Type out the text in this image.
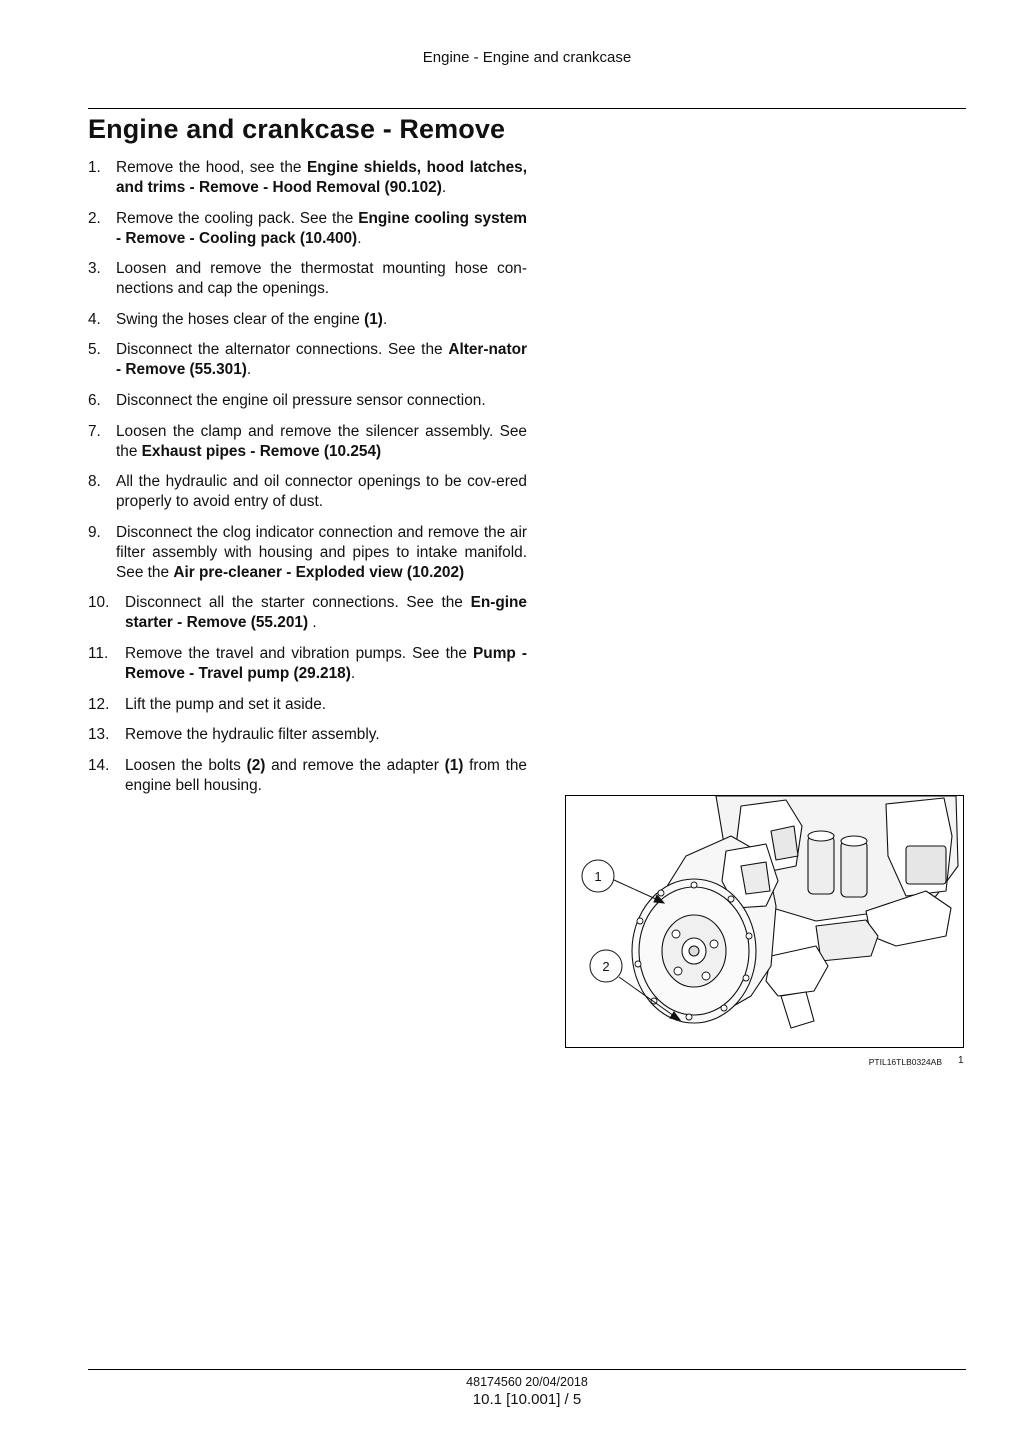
Engine - Engine and crankcase
Engine and crankcase - Remove
1. Remove the hood, see the Engine shields, hood latches, and trims - Remove - Hood Removal (90.102).
2. Remove the cooling pack. See the Engine cooling system - Remove - Cooling pack (10.400).
3. Loosen and remove the thermostat mounting hose con-nections and cap the openings.
4. Swing the hoses clear of the engine (1).
5. Disconnect the alternator connections. See the Alter-nator - Remove (55.301).
6. Disconnect the engine oil pressure sensor connection.
7. Loosen the clamp and remove the silencer assembly. See the Exhaust pipes - Remove (10.254)
8. All the hydraulic and oil connector openings to be cov-ered properly to avoid entry of dust.
9. Disconnect the clog indicator connection and remove the air filter assembly with housing and pipes to intake manifold. See the Air pre-cleaner - Exploded view (10.202)
10. Disconnect all the starter connections. See the En-gine starter - Remove (55.201) .
11. Remove the travel and vibration pumps. See the Pump - Remove - Travel pump (29.218).
12. Lift the pump and set it aside.
13. Remove the hydraulic filter assembly.
14. Loosen the bolts (2) and remove the adapter (1) from the engine bell housing.
1
2
PTIL16TLB0324AB 1
48174560 20/04/2018
10.1 [10.001] / 5
